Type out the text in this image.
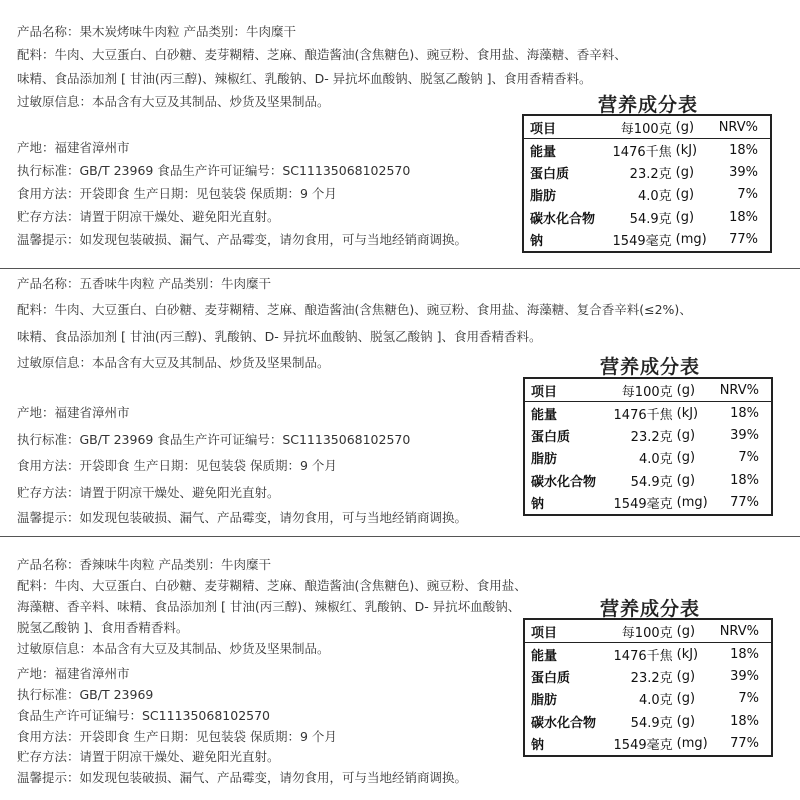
产品名称：果木炭烤味牛肉粒 产品类别：牛肉糜干
配料：牛肉、大豆蛋白、白砂糖、麦芽糊精、芝麻、酿造酱油(含焦糖色)、豌豆粉、食用盐、海藻糖、香辛料、
味精、食品添加剂 [ 甘油(丙三醇)、辣椒红、乳酸钠、D- 异抗坏血酸钠、脱氢乙酸钠 ]、食用香精香料。
过敏原信息：本品含有大豆及其制品、炒货及坚果制品。
产地：福建省漳州市
执行标准：GB/T 23969 食品生产许可证编号：SC11135068102570
食用方法：开袋即食 生产日期：见包装袋 保质期：9 个月
贮存方法：请置于阴凉干燥处、避免阳光直射。
温馨提示：如发现包装破损、漏气、产品霉变，请勿食用，可与当地经销商调换。
营养成分表
项目	每100克	(g)	NRV%
能量	1476千焦	(kJ)	18%
蛋白质	23.2克	(g)	39%
脂肪	4.0克	(g)	7%
碳水化合物	54.9克	(g)	18%
钠	1549毫克	(mg)	77%
产品名称：五香味牛肉粒 产品类别：牛肉糜干
配料：牛肉、大豆蛋白、白砂糖、麦芽糊精、芝麻、酿造酱油(含焦糖色)、豌豆粉、食用盐、海藻糖、复合香辛料(≤2%)、
味精、食品添加剂 [ 甘油(丙三醇)、乳酸钠、D- 异抗坏血酸钠、脱氢乙酸钠 ]、食用香精香料。
过敏原信息：本品含有大豆及其制品、炒货及坚果制品。
产地：福建省漳州市
执行标准：GB/T 23969 食品生产许可证编号：SC11135068102570
食用方法：开袋即食 生产日期：见包装袋 保质期：9 个月
贮存方法：请置于阴凉干燥处、避免阳光直射。
温馨提示：如发现包装破损、漏气、产品霉变，请勿食用，可与当地经销商调换。
营养成分表
项目	每100克	(g)	NRV%
能量	1476千焦	(kJ)	18%
蛋白质	23.2克	(g)	39%
脂肪	4.0克	(g)	7%
碳水化合物	54.9克	(g)	18%
钠	1549毫克	(mg)	77%
产品名称：香辣味牛肉粒 产品类别：牛肉糜干
配料：牛肉、大豆蛋白、白砂糖、麦芽糊精、芝麻、酿造酱油(含焦糖色)、豌豆粉、食用盐、
海藻糖、香辛料、味精、食品添加剂 [ 甘油(丙三醇)、辣椒红、乳酸钠、D- 异抗坏血酸钠、
脱氢乙酸钠 ]、食用香精香料。
过敏原信息：本品含有大豆及其制品、炒货及坚果制品。
产地：福建省漳州市
执行标准：GB/T 23969
食品生产许可证编号：SC11135068102570
食用方法：开袋即食 生产日期：见包装袋 保质期：9 个月
贮存方法：请置于阴凉干燥处、避免阳光直射。
温馨提示：如发现包装破损、漏气、产品霉变，请勿食用，可与当地经销商调换。
营养成分表
项目	每100克	(g)	NRV%
能量	1476千焦	(kJ)	18%
蛋白质	23.2克	(g)	39%
脂肪	4.0克	(g)	7%
碳水化合物	54.9克	(g)	18%
钠	1549毫克	(mg)	77%
